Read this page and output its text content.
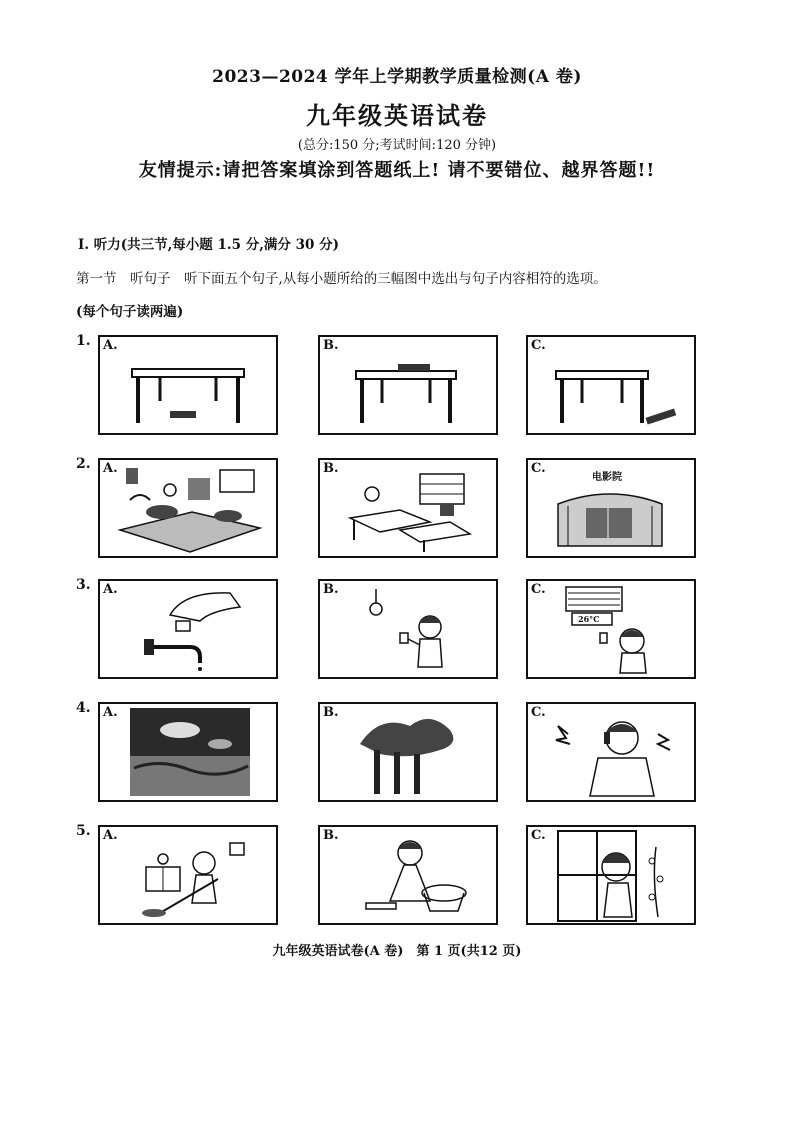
2023—2024 学年上学期教学质量检测(A 卷)
九年级英语试卷
(总分:150 分;考试时间:120 分钟)
友情提示:请把答案填涂到答题纸上! 请不要错位、越界答题!!
I. 听力(共三节,每小题 1.5 分,满分 30 分)
第一节　听句子　听下面五个句子,从每小题所给的三幅图中选出与句子内容相符的选项。
(每个句子读两遍)
1. A.	B.	C.
2. A.	B.	C.
电影院
3. A.	B.	C.
26°C
4. A.	B.	C.
5. A.	B.	C.
九年级英语试卷(A 卷)　第 1 页(共12 页)
